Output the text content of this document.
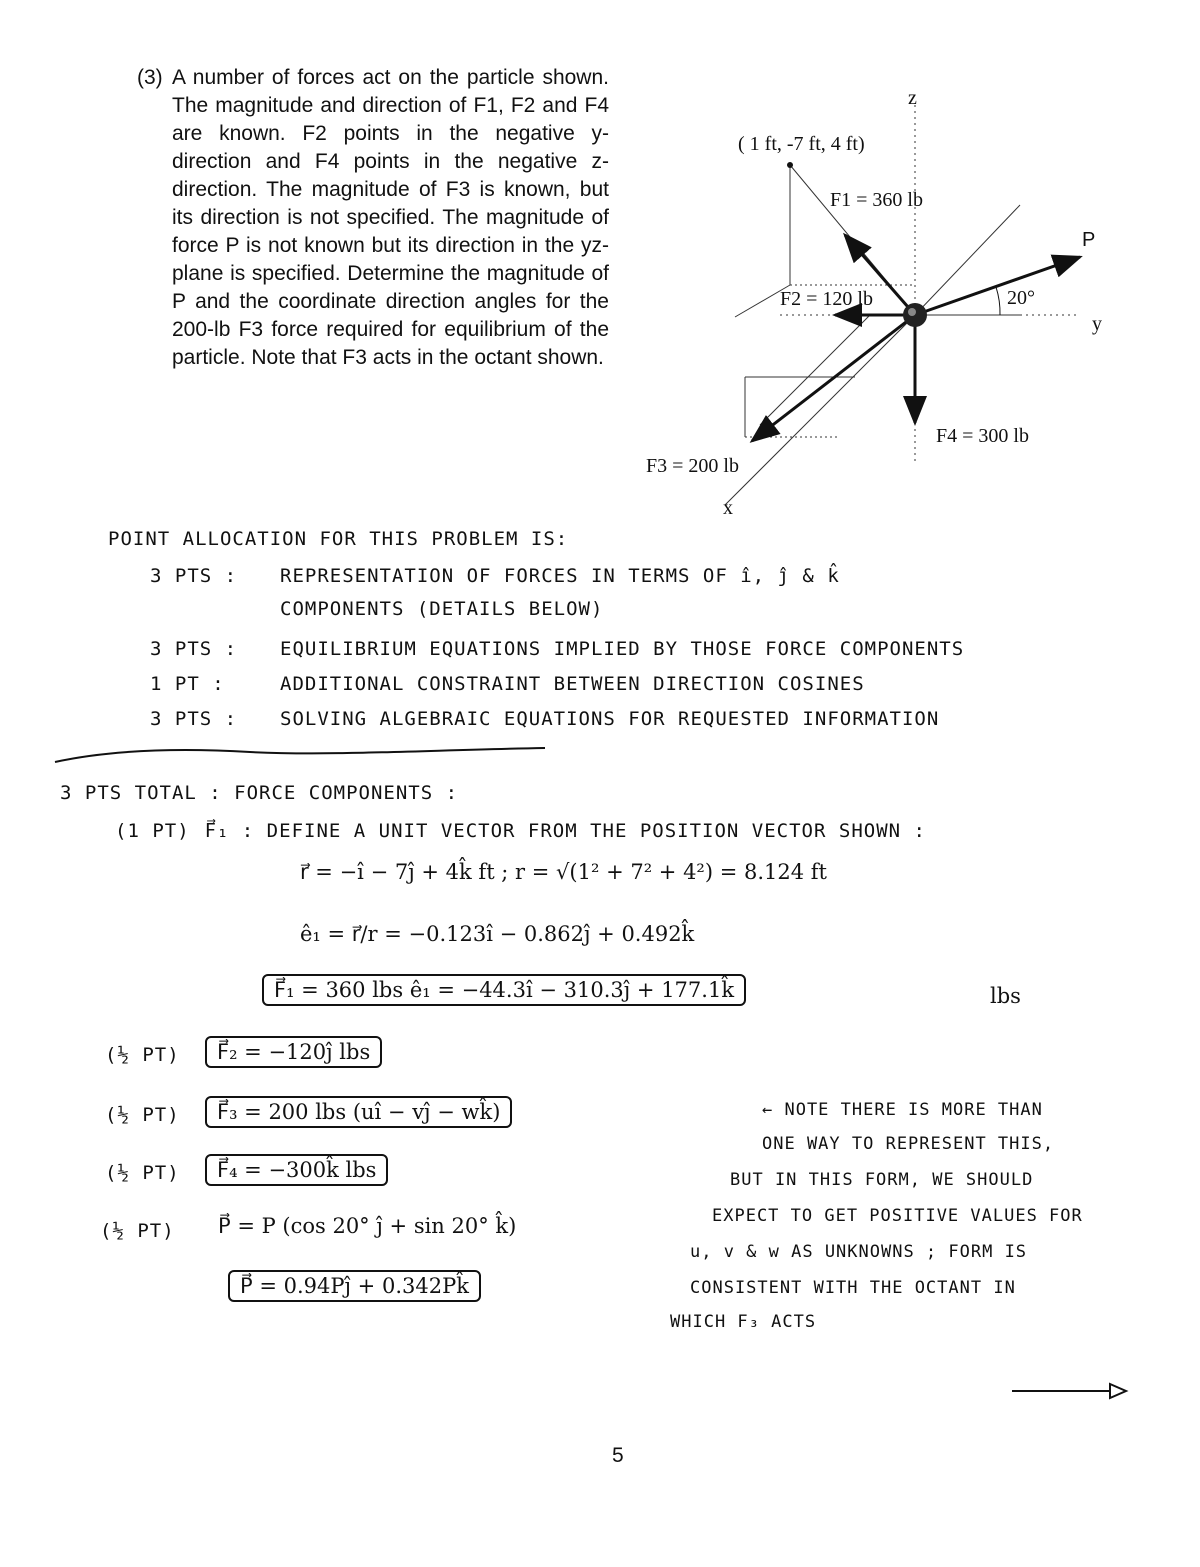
(3) A number of forces act on the particle shown. The magnitude and direction of F1, F2 and F4 are known. F2 points in the negative y-direction and F4 points in the negative z-direction. The magnitude of F3 is known, but its direction is not specified. The magnitude of force P is not known but its direction in the yz-plane is specified. Determine the magnitude of P and the coordinate direction angles for the 200-lb F3 force required for equilibrium of the particle. Note that F3 acts in the octant shown.
z
y
x
( 1 ft, -7 ft, 4 ft)
F1 = 360 lb
F2 = 120 lb
F3 = 200 lb
F4 = 300 lb
P
20°
POINT ALLOCATION FOR THIS PROBLEM IS:
3 PTS : REPRESENTATION OF FORCES IN TERMS OF î, ĵ & k̂
COMPONENTS (DETAILS BELOW)
3 PTS : EQUILIBRIUM EQUATIONS IMPLIED BY THOSE FORCE COMPONENTS
1 PT :	ADDITIONAL CONSTRAINT BETWEEN DIRECTION COSINES
3 PTS : SOLVING ALGEBRAIC EQUATIONS FOR REQUESTED INFORMATION
3 PTS TOTAL : FORCE COMPONENTS :
(1 PT) F⃗₁ : DEFINE A UNIT VECTOR FROM THE POSITION VECTOR SHOWN :
r⃗ = −î − 7ĵ + 4k̂ ft ; r = √(1² + 7² + 4²) = 8.124 ft
ê₁ = r⃗/r = −0.123î − 0.862ĵ + 0.492k̂
F⃗₁ = 360 lbs ê₁ = −44.3î − 310.3ĵ + 177.1k̂	lbs
(½ PT)	F⃗₂ = −120ĵ lbs
(½ PT)	F⃗₃ = 200 lbs (uî − vĵ − wk̂)
(½ PT)	F⃗₄ = −300k̂ lbs
(½ PT) P⃗ = P (cos 20° ĵ + sin 20° k̂)
P⃗ = 0.94Pĵ + 0.342Pk̂
← NOTE THERE IS MORE THAN
ONE WAY TO REPRESENT THIS,
BUT IN THIS FORM, WE SHOULD
EXPECT TO GET POSITIVE VALUES FOR
u, v & w AS UNKNOWNS ; FORM IS
CONSISTENT WITH THE OCTANT IN
WHICH F₃ ACTS
5
